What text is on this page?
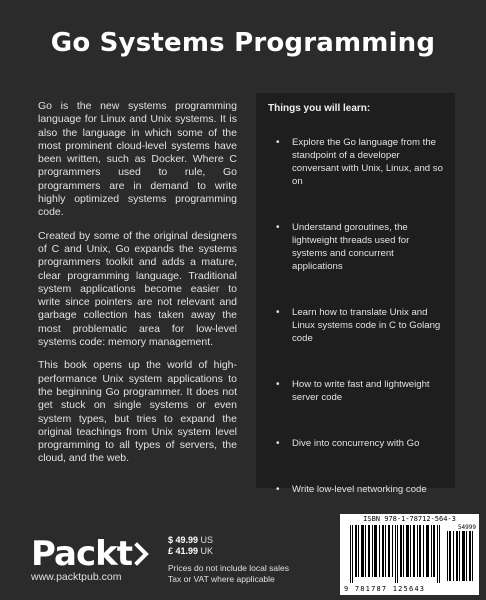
Go Systems Programming

Go is the new systems programming language for Linux and Unix systems. It is also the language in which some of the most prominent cloud-level systems have been written, such as Docker. Where C programmers used to rule, Go programmers are in demand to write highly optimized systems programming code.

Created by some of the original designers of C and Unix, Go expands the systems programmers toolkit and adds a mature, clear programming language. Traditional system applications become easier to write since pointers are not relevant and garbage collection has taken away the most problematic area for low-level systems code: memory management.

This book opens up the world of high-performance Unix system applications to the beginning Go programmer. It does not get stuck on single systems or even system types, but tries to expand the original teachings from Unix system level programming to all types of servers, the cloud, and the web.

Things you will learn:
• Explore the Go language from the standpoint of a developer conversant with Unix, Linux, and so on
• Understand goroutines, the lightweight threads used for systems and concurrent applications
• Learn how to translate Unix and Linux systems code in C to Golang code
• How to write fast and lightweight server code
• Dive into concurrency with Go
• Write low-level networking code
Packt
www.packtpub.com
$ 49.99 US
£ 41.99 UK
Prices do not include local sales
Tax or VAT where applicable
ISBN 978-1-78712-564-3
54999
9 781787 125643
